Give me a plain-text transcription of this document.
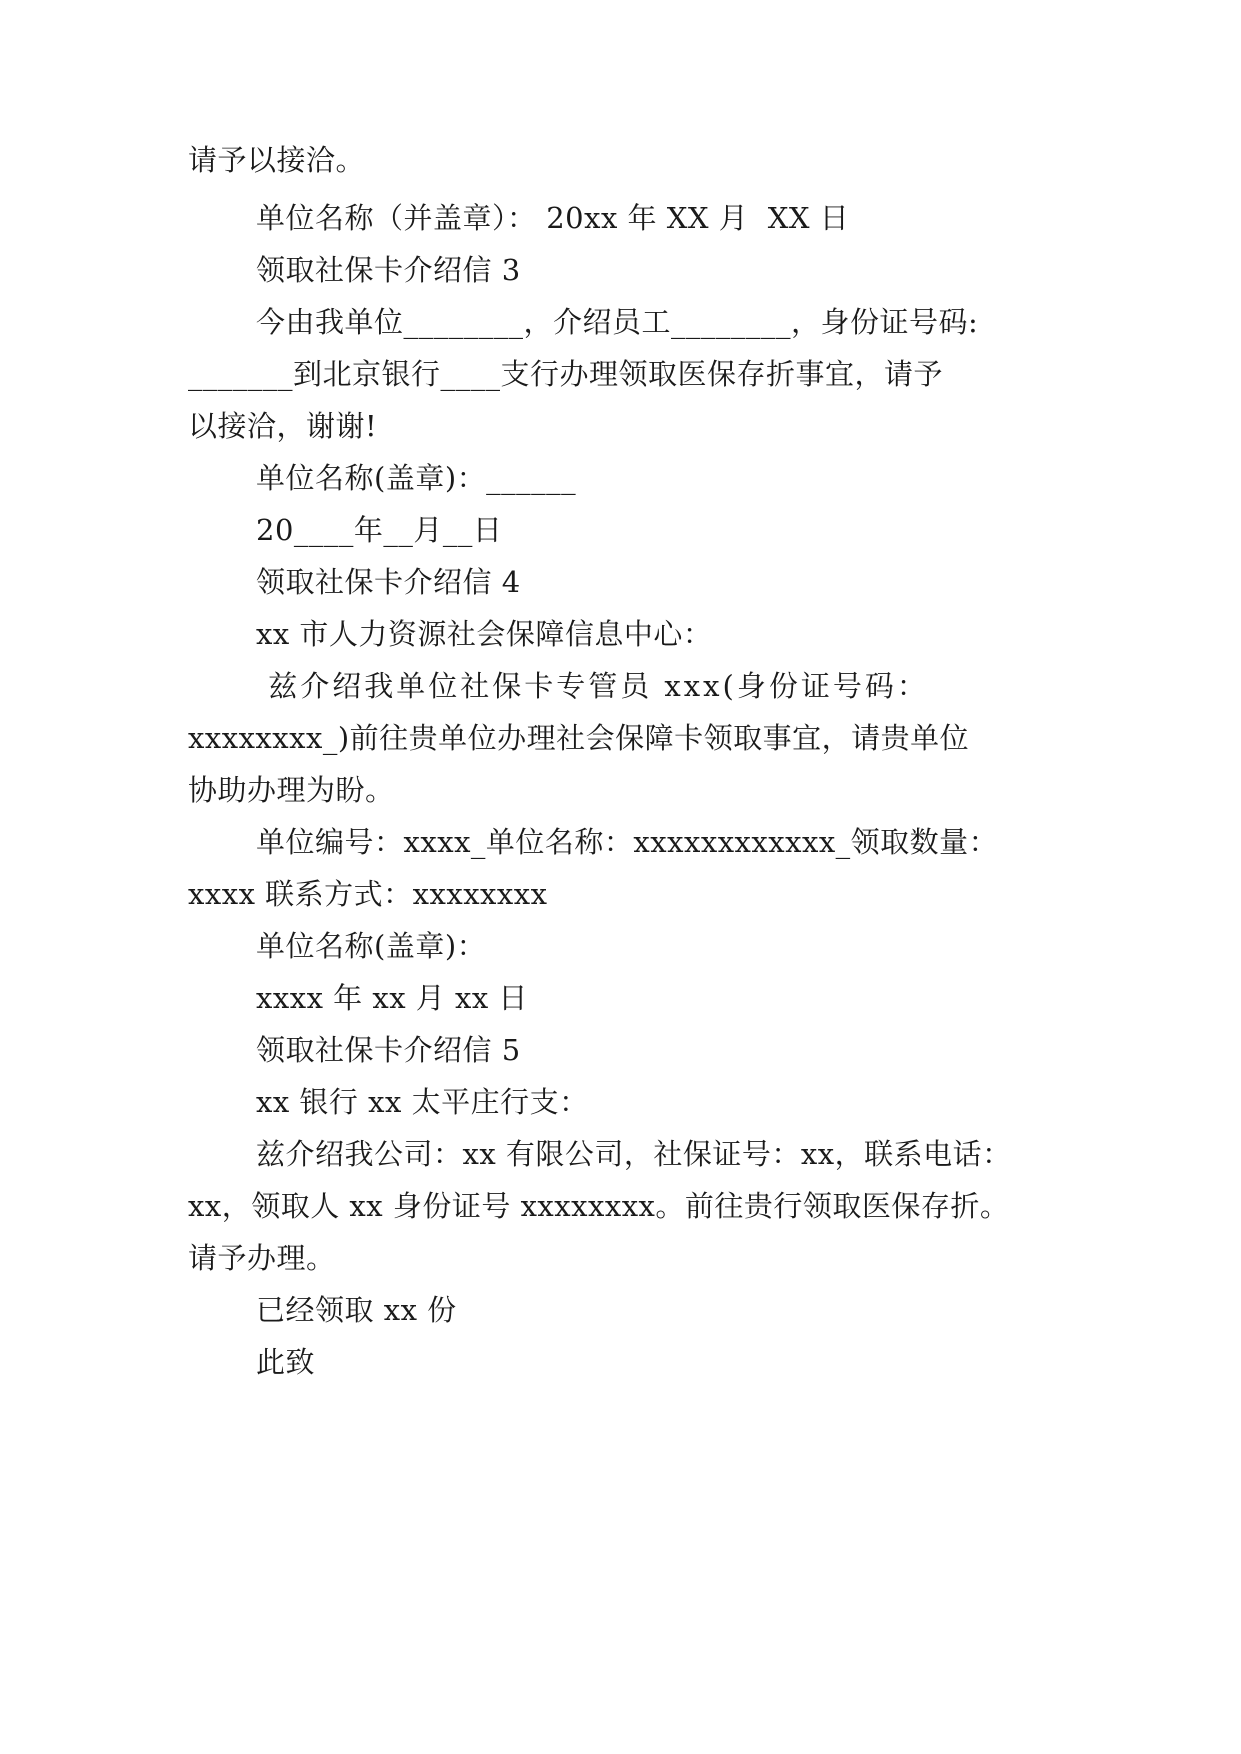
请予以接洽。
单位名称（并盖章）： 20xx 年 XX 月  XX 日
领取社保卡介绍信 3
今由我单位________，介绍员工________，身份证号码:
_______到北京银行____支行办理领取医保存折事宜，请予
以接洽，谢谢!
单位名称(盖章)：______
20____年__月__日
领取社保卡介绍信 4
xx 市人力资源社会保障信息中心：
兹介绍我单位社保卡专管员 xxx(身份证号码：
xxxxxxxx_)前往贵单位办理社会保障卡领取事宜，请贵单位
协助办理为盼。
单位编号：xxxx_单位名称：xxxxxxxxxxxx_领取数量：
xxxx 联系方式：xxxxxxxx
单位名称(盖章)：
xxxx 年 xx 月 xx 日
领取社保卡介绍信 5
xx 银行 xx 太平庄行支：
兹介绍我公司：xx 有限公司，社保证号：xx，联系电话：
xx，领取人 xx 身份证号 xxxxxxxx。前往贵行领取医保存折。
请予办理。
已经领取 xx 份
此致
